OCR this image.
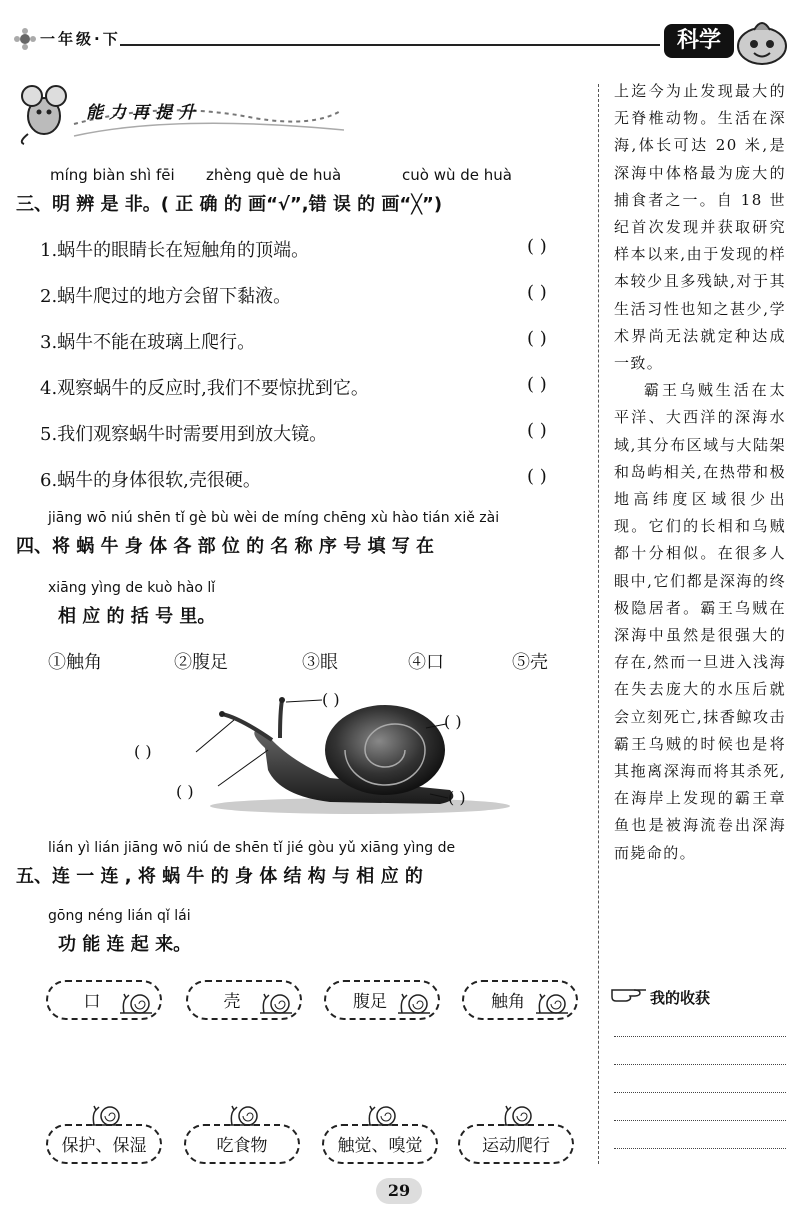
一年级·下	科学
能力再提升
míng biàn shì fēi zhèng què de huà	cuò wù de huà
三、明 辨 是 非。( 正 确 的 画“√”,错 误 的 画“╳”)
1.蜗牛的眼睛长在短触角的顶端。	( )
2.蜗牛爬过的地方会留下黏液。	( )
3.蜗牛不能在玻璃上爬行。	( )
4.观察蜗牛的反应时,我们不要惊扰到它。	( )
5.我们观察蜗牛时需要用到放大镜。	( )
6.蜗牛的身体很软,壳很硬。	( )
jiāng wō niú shēn tǐ gè bù wèi de míng chēng xù hào tián xiě zài
四、将 蜗 牛 身 体 各 部 位 的 名 称 序 号 填 写 在
xiāng yìng de kuò hào lǐ
相 应 的 括 号 里。
①触角	②腹足	③眼	④口	⑤壳
( )
( )
( )
( )	( )
lián yì lián jiāng wō niú de shēn tǐ jié gòu yǔ xiāng yìng de
五、连 一 连 , 将 蜗 牛 的 身 体 结 构 与 相 应 的
gōng néng lián qǐ lái
功 能 连 起 来。
口	壳	腹足	触角
保护、保湿	吃食物	触觉、嗅觉	运动爬行

上迄今为止发现最大的无脊椎动物。生活在深海,体长可达 20 米,是深海中体格最为庞大的捕食者之一。自 18 世纪首次发现并获取研究样本以来,由于发现的样本较少且多残缺,对于其生活习性也知之甚少,学术界尚无法就定种达成一致。

霸王乌贼生活在太平洋、大西洋的深海水域,其分布区域与大陆架和岛屿相关,在热带和极地高纬度区域很少出现。它们的长相和乌贼都十分相似。在很多人眼中,它们都是深海的终极隐居者。霸王乌贼在深海中虽然是很强大的存在,然而一旦进入浅海在失去庞大的水压后就会立刻死亡,抹香鲸攻击霸王乌贼的时候也是将其拖离深海而将其杀死,在海岸上发现的霸王章鱼也是被海流卷出深海而毙命的。

我的收获
29
